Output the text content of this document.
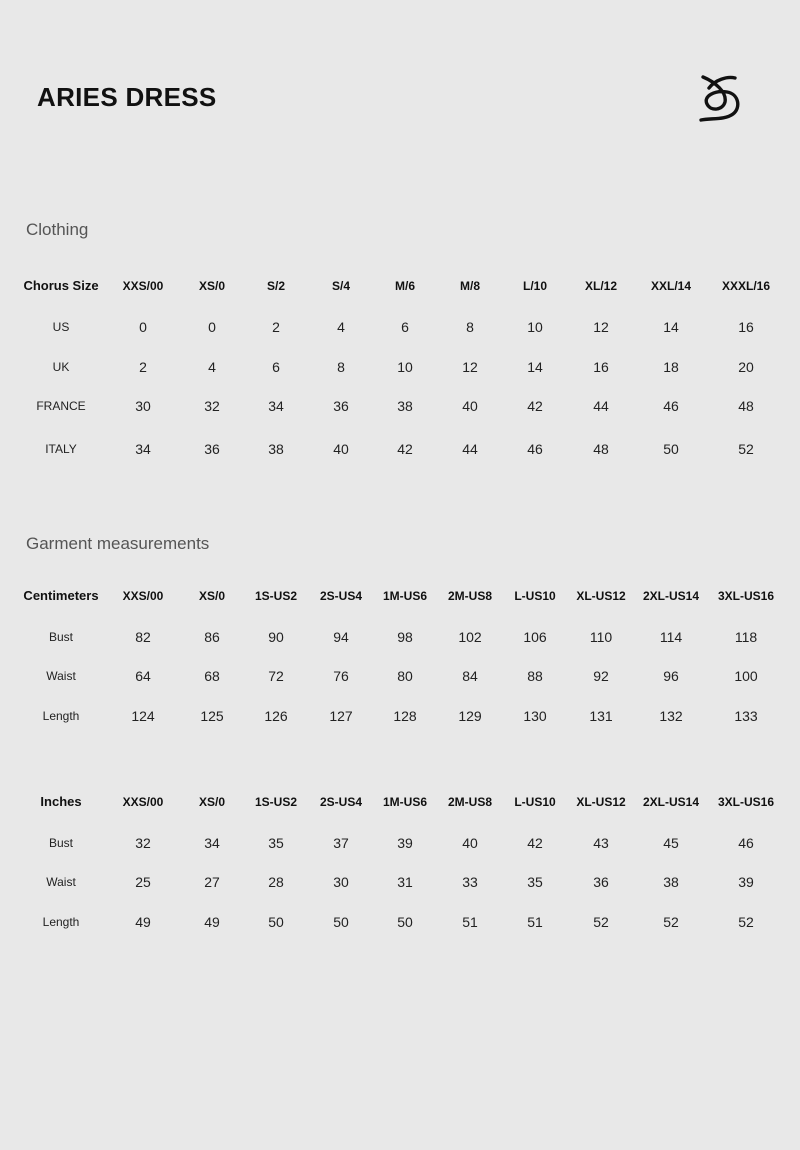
ARIES DRESS
Clothing
Garment measurements
Chorus Size XXS/00	XS/0	S/2	S/4	M/6	M/8	L/10	XL/12	XXL/14	XXXL/16
US	0	0	2	4	6	8	10	12	14	16
UK	2	4	6	8	10	12	14	16	18	20
FRANCE	30	32	34	36	38	40	42	44	46	48
ITALY	34	36	38	40	42	44	46	48	50	52
Centimeters XXS/00	XS/0 1S-US2 2S-US4 1M-US6 2M-US8 L-US10 XL-US12 2XL-US14 3XL-US16
Bust	82	86	90	94	98	102	106	110	114	118
Waist	64	68	72	76	80	84	88	92	96	100
Length	124	125	126	127	128	129	130	131	132	133
Inches	XXS/00	XS/0 1S-US2 2S-US4 1M-US6 2M-US8 L-US10 XL-US12 2XL-US14 3XL-US16
Bust	32	34	35	37	39	40	42	43	45	46
Waist	25	27	28	30	31	33	35	36	38	39
Length	49	49	50	50	50	51	51	52	52	52
